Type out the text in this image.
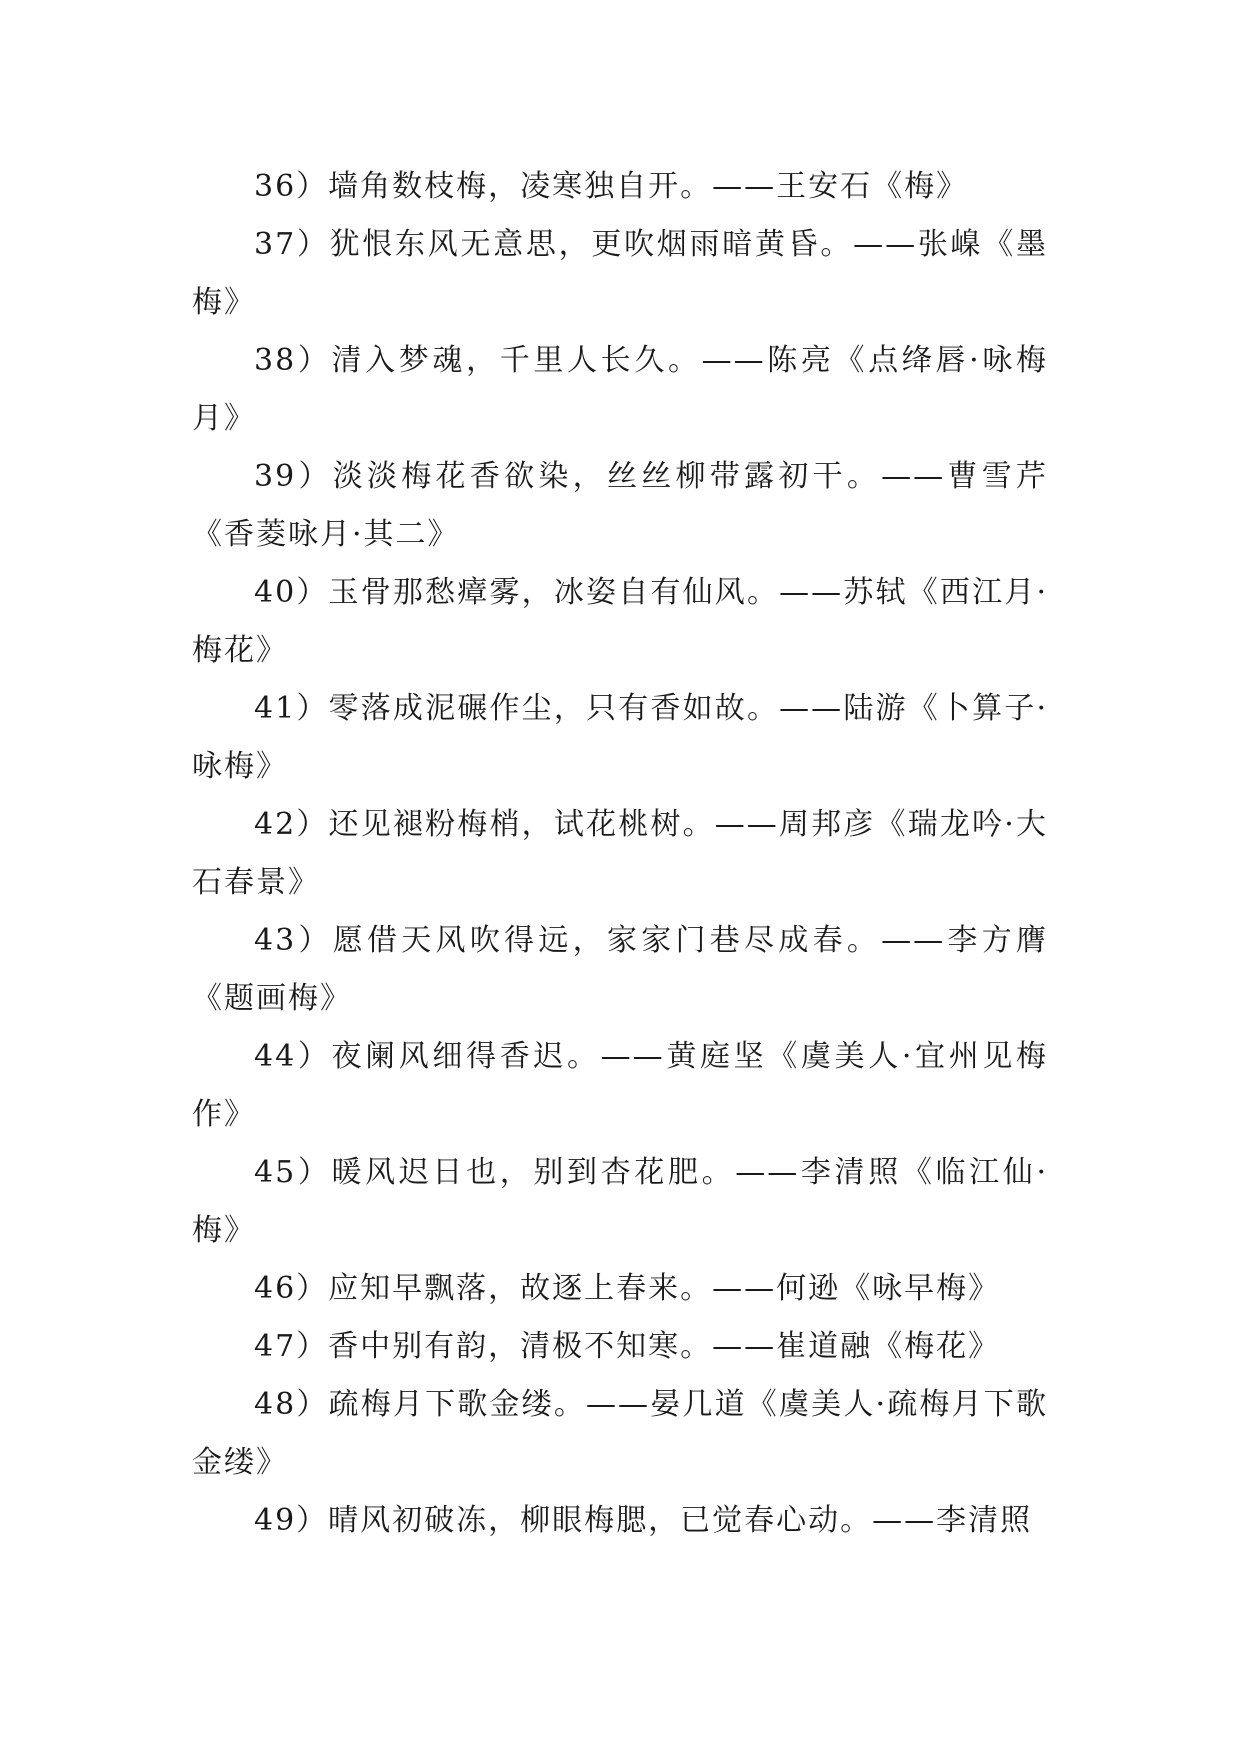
36）墙角数枝梅，凌寒独自开。——王安石《梅》

37）犹恨东风无意思，更吹烟雨暗黄昏。——张嵲《墨梅》

38）清入梦魂，千里人长久。——陈亮《点绛唇·咏梅月》

39）淡淡梅花香欲染，丝丝柳带露初干。——曹雪芹《香菱咏月·其二》

40）玉骨那愁瘴雾，冰姿自有仙风。——苏轼《西江月·梅花》

41）零落成泥碾作尘，只有香如故。——陆游《卜算子·咏梅》

42）还见褪粉梅梢，试花桃树。——周邦彦《瑞龙吟·大石春景》

43）愿借天风吹得远，家家门巷尽成春。——李方膺《题画梅》

44）夜阑风细得香迟。——黄庭坚《虞美人·宜州见梅作》

45）暖风迟日也，别到杏花肥。——李清照《临江仙·梅》

46）应知早飘落，故逐上春来。——何逊《咏早梅》

47）香中别有韵，清极不知寒。——崔道融《梅花》

48）疏梅月下歌金缕。——晏几道《虞美人·疏梅月下歌金缕》

49）晴风初破冻，柳眼梅腮，已觉春心动。——李清照
